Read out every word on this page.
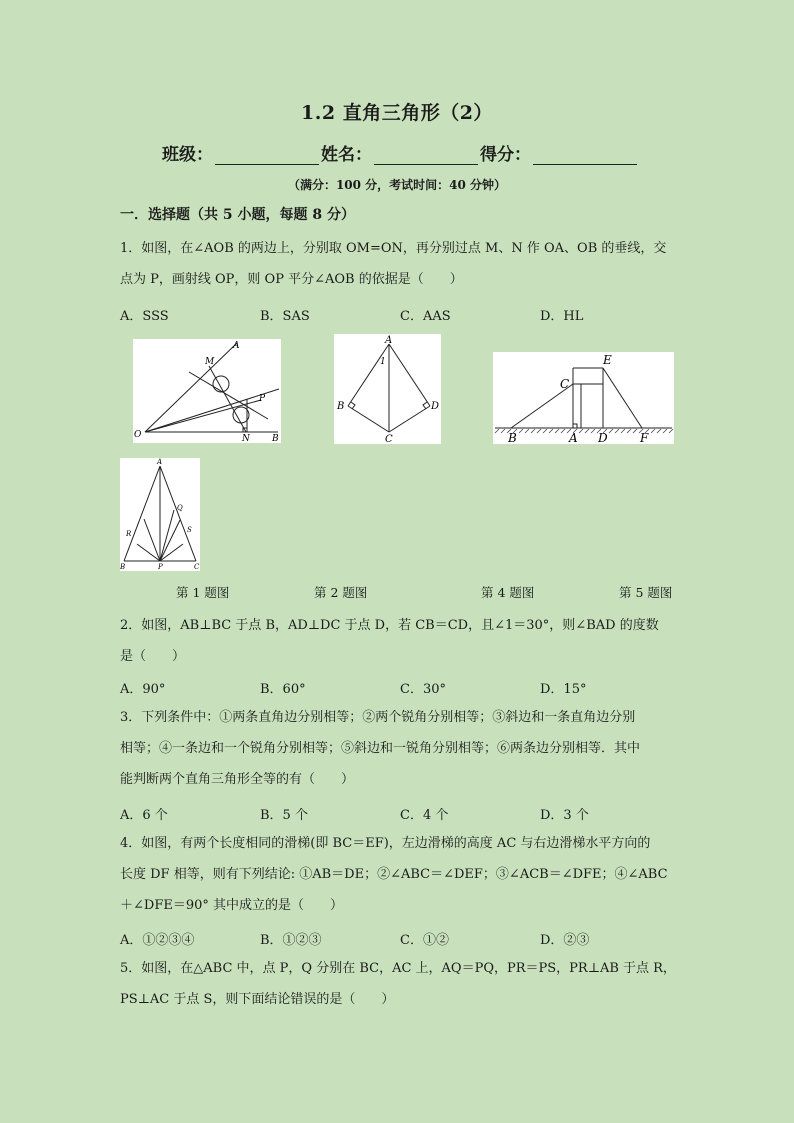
1.2 直角三角形（2）
班级：	姓名：	得分：
（满分：100 分，考试时间：40 分钟）
一．选择题（共 5 小题，每题 8 分）
1．如图，在∠AOB 的两边上，分别取 OM=ON，再分别过点 M、N 作 OA、OB 的垂线，交
点为 P，画射线 OP，则 OP 平分∠AOB 的依据是（　　）
A．SSS	B．SAS	C．AAS	D．HL
A
M
P
O	N B
A
1
B	D
C
E
C
B	A D	F
A
R
Q
S
B	P	C
第 1 题图	第 2 题图	第 4 题图	第 5 题图
2．如图，AB⊥BC 于点 B，AD⊥DC 于点 D，若 CB＝CD，且∠1＝30°，则∠BAD 的度数
是（　　）
A．90°	B．60°	C．30°	D．15°
3．下列条件中：①两条直角边分别相等；②两个锐角分别相等；③斜边和一条直角边分别
相等；④一条边和一个锐角分别相等；⑤斜边和一锐角分别相等；⑥两条边分别相等．其中
能判断两个直角三角形全等的有（　　）
A．6 个	B．5 个	C．4 个	D．3 个
4．如图，有两个长度相同的滑梯(即 BC＝EF)，左边滑梯的高度 AC 与右边滑梯水平方向的
长度 DF 相等，则有下列结论: ①AB＝DE；②∠ABC＝∠DEF；③∠ACB＝∠DFE；④∠ABC
＋∠DFE＝90° 其中成立的是（　　）
A．①②③④	B．①②③	C．①②	D．②③
5．如图，在△ABC 中，点 P，Q 分别在 BC，AC 上，AQ＝PQ，PR＝PS，PR⊥AB 于点 R，
PS⊥AC 于点 S，则下面结论错误的是（　　）
